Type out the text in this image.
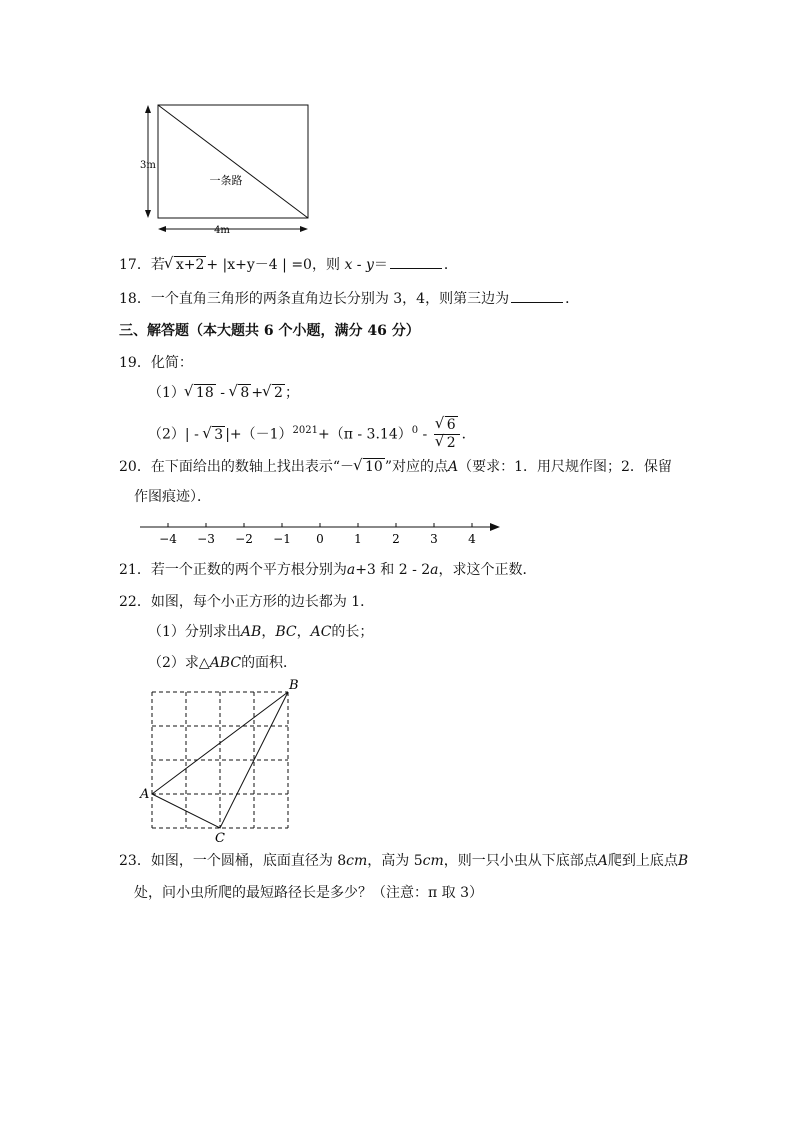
3m
4m
一条路
17．若 √ x+2 + |x+y－4 | =0，则 x - y＝	．
18．一个直角三角形的两条直角边长分别为 3，4，则第三边为	．
三、解答题（本大题共 6 个小题，满分 46 分）
19．化简：
（1） √ 18 - √ 8 + √ 2 ；
（2）| - √ 3 $|+(-1)^{2021}+(\pi - 3.14)^0$ - √ 6
√ 2 ．
20．在下面给出的数轴上找出表示“－ √ 10 ”对应的点A（要求：1．用尺规作图；2．保留
作图痕迹）．
−4 −3 −2 −1 0	1	2	3	4
21．若一个正数的两个平方根分别为a+3 和 2 - 2a，求这个正数．
22．如图，每个小正方形的边长都为 1．
（1）分别求出AB，BC，AC的长；
（2）求△ABC的面积．
A
B
C
23．如图，一个圆桶，底面直径为 8cm，高为 5cm，则一只小虫从下底部点A爬到上底点B
处，问小虫所爬的最短路径长是多少？（注意：π 取 3）
